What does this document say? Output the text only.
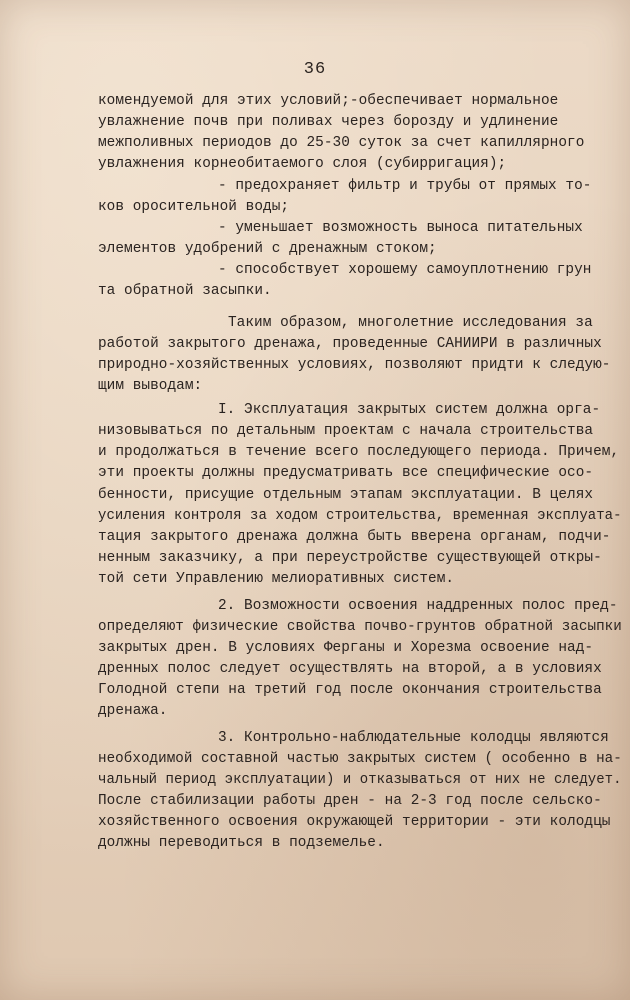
36
комендуемой для этих условий;-обеспечивает нормальное
увлажнение почв при поливах через борозду и удлинение
межполивных периодов до 25-30 суток за счет капиллярного
увлажнения корнеобитаемого слоя (субирригация);
- предохраняет фильтр и трубы от прямых то-
ков оросительной воды;
- уменьшает возможность выноса питательных
элементов удобрений с дренажным стоком;
- способствует хорошему самоуплотнению грун
та обратной засыпки.
Таким образом, многолетние исследования за
работой закрытого дренажа, проведенные САНИИРИ в различных
природно-хозяйственных условиях, позволяют придти к следую-
щим выводам:
I. Эксплуатация закрытых систем должна орга-
низовываться по детальным проектам с начала строительства
и продолжаться в течение всего последующего периода. Причем,
эти проекты должны предусматривать все специфические осо-
бенности, присущие отдельным этапам эксплуатации. В целях
усиления контроля за ходом строительства, временная эксплуата-
тация закрытого дренажа должна быть вверена органам, подчи-
ненным заказчику, а при переустройстве существующей откры-
той сети Управлению мелиоративных систем.
2. Возможности освоения наддренных полос пред-
определяют физические свойства почво-грунтов обратной засыпки
закрытых дрен. В условиях Ферганы и Хорезма освоение над-
дренных полос следует осуществлять на второй, а в условиях
Голодной степи на третий год после окончания строительства
дренажа.
3. Контрольно-наблюдательные колодцы являются
необходимой составной частью закрытых систем ( особенно в на-
чальный период эксплуатации) и отказываться от них не следует.
После стабилизации работы дрен - на 2-3 год после сельско-
хозяйственного освоения окружающей территории - эти колодцы
должны переводиться в подземелье.
